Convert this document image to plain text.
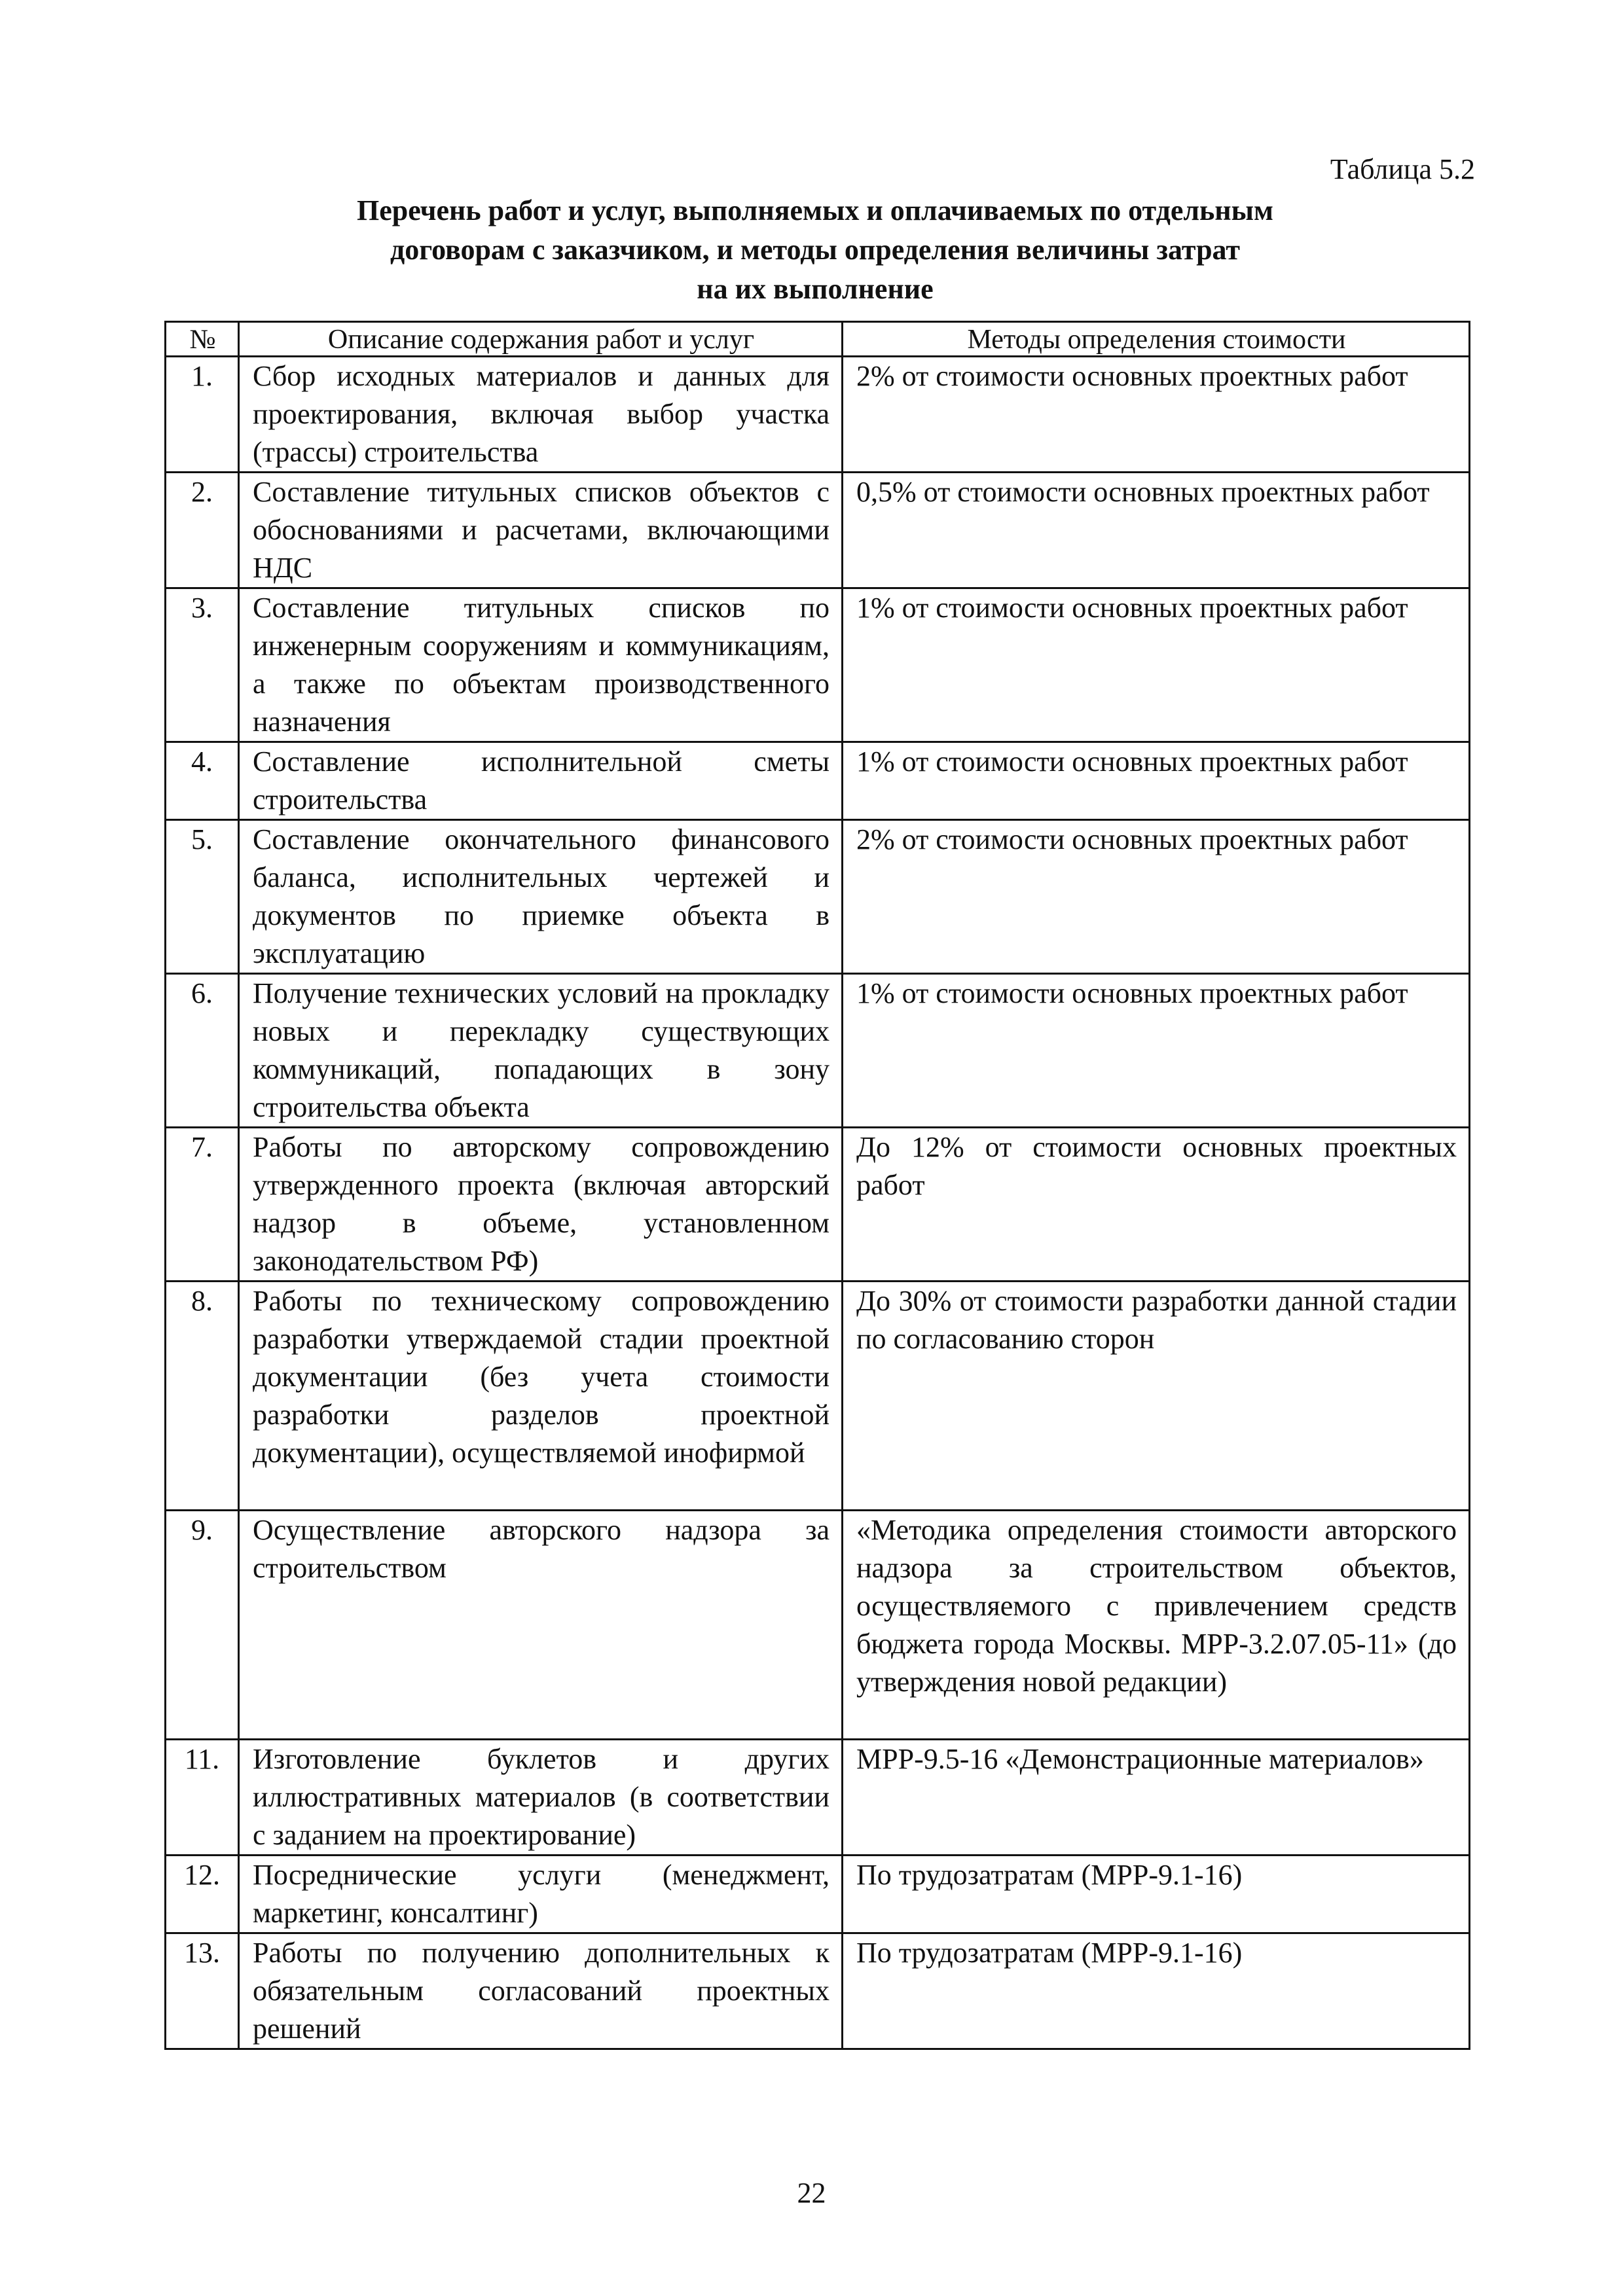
Таблица 5.2
Перечень работ и услуг, выполняемых и оплачиваемых по отдельным
договорам с заказчиком, и методы определения величины затрат
на их выполнение
№	Описание содержания работ и услуг	Методы определения стоимости
1.	Сбор исходных материалов и данных для проектирования, включая выбор участка (трассы) строительства	2% от стоимости основных проектных работ
2.	Составление титульных списков объектов с обоснованиями и расчетами, включающими НДС	0,5% от стоимости основных проектных работ
3.	Составление титульных списков по инженерным сооружениям и коммуникациям, а также по объектам производственного назначения	1% от стоимости основных проектных работ
4.	Составление исполнительной сметы строительства	1% от стоимости основных проектных работ
5.	Составление окончательного финансового баланса, исполнительных чертежей и документов по приемке объекта в эксплуатацию	2% от стоимости основных проектных работ
6.	Получение технических условий на прокладку новых и перекладку существующих коммуникаций, попадающих в зону строительства объекта	1% от стоимости основных проектных работ
7.	Работы по авторскому сопровождению утвержденного проекта (включая авторский надзор в объеме, установленном законодательством РФ)	До 12% от стоимости основных проектных работ
8.	Работы по техническому сопровождению разработки утверждаемой стадии проектной документации (без учета стоимости разработки разделов проектной документации), осуществляемой инофирмой	До 30% от стоимости разработки данной стадии по согласованию сторон
9.	Осуществление авторского надзора за строительством	«Методика определения стоимости авторского надзора за строительством объектов, осуществляемого с привлечением средств бюджета города Москвы. МРР-3.2.07.05-11» (до утверждения новой редакции)
11.	Изготовление буклетов и других иллюстративных материалов (в соответствии с заданием на проектирование)	МРР-9.5-16 «Демонстрационные материалов»
12.	Посреднические услуги (менеджмент, маркетинг, консалтинг)	По трудозатратам (МРР-9.1-16)
13.	Работы по получению дополнительных к обязательным согласований проектных решений	По трудозатратам (МРР-9.1-16)
22
